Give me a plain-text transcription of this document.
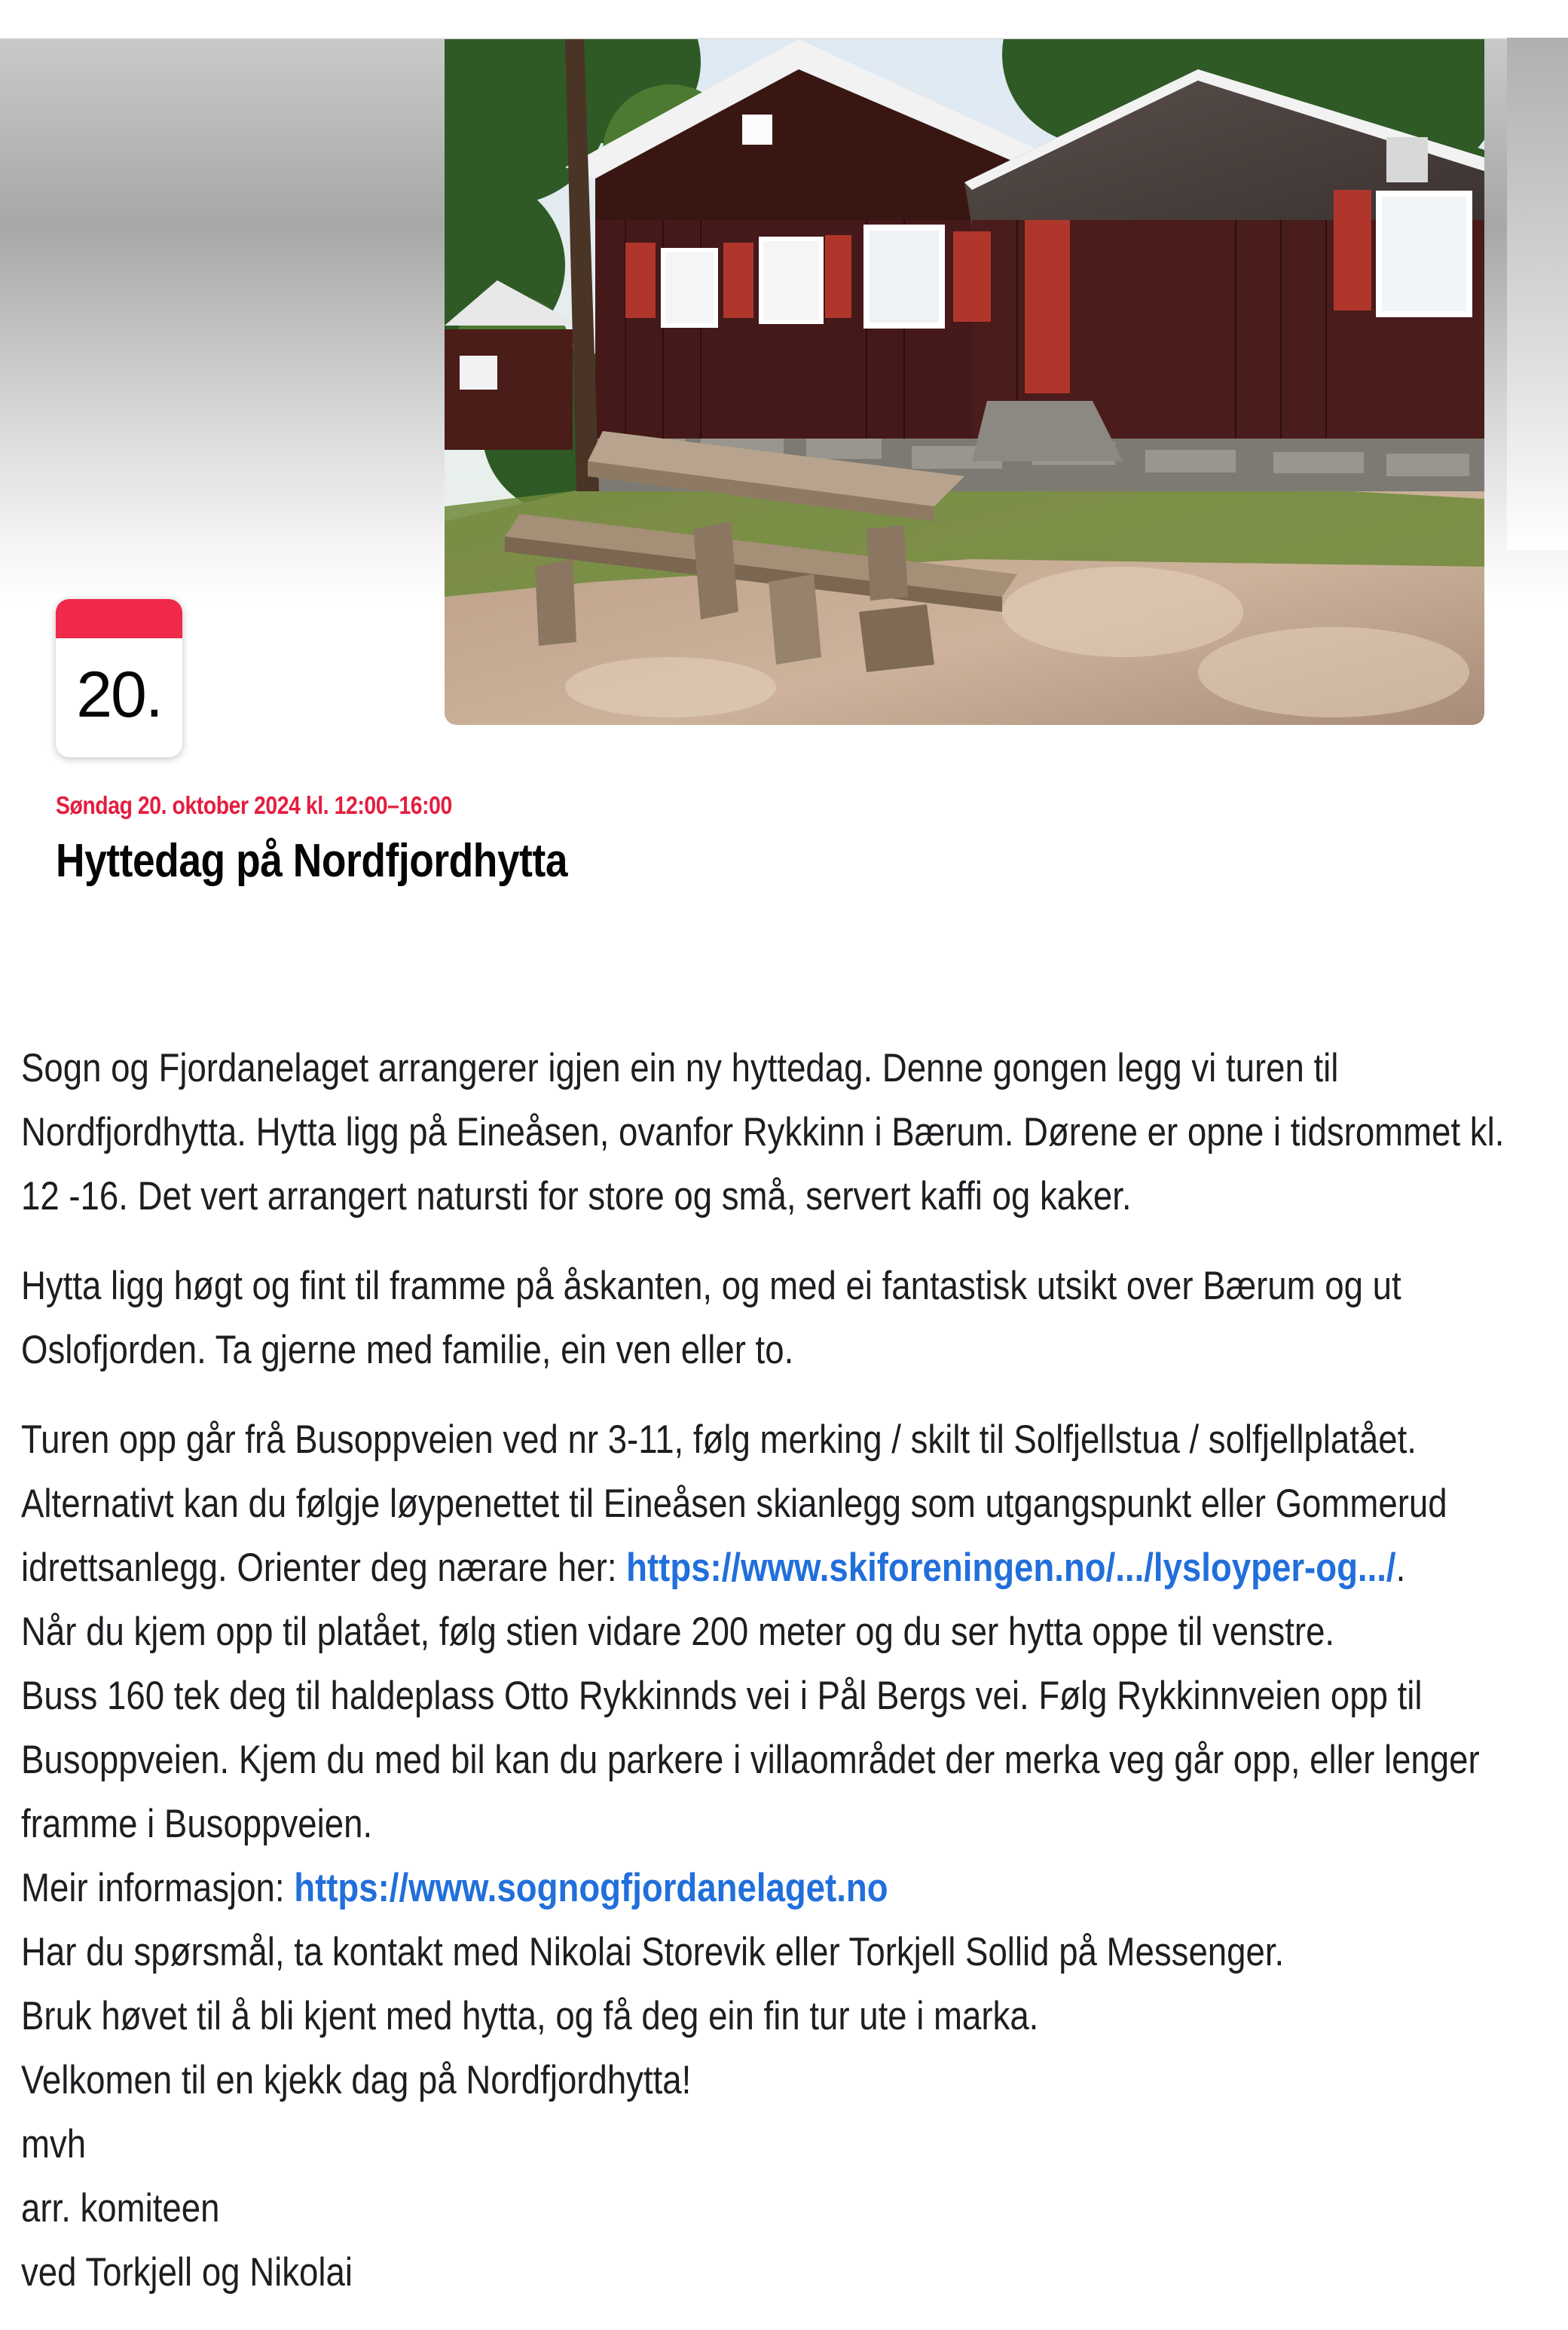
20.
Søndag 20. oktober 2024 kl. 12:00–16:00
Hyttedag på Nordfjordhytta

Sogn og Fjordanelaget arrangerer igjen ein ny hyttedag. Denne gongen legg vi turen til
Nordfjordhytta. Hytta ligg på Eineåsen, ovanfor Rykkinn i Bærum. Dørene er opne i tidsrommet kl.
12 -16. Det vert arrangert natursti for store og små, servert kaffi og kaker.

Hytta ligg høgt og fint til framme på åskanten, og med ei fantastisk utsikt over Bærum og ut
Oslofjorden. Ta gjerne med familie, ein ven eller to.

Turen opp går frå Busoppveien ved nr 3-11, følg merking / skilt til Solfjellstua / solfjellplatået.
Alternativt kan du følgje løypenettet til Eineåsen skianlegg som utgangspunkt eller Gommerud
idrettsanlegg. Orienter deg nærare her: https://www.skiforeningen.no/.../lysloyper-og.../.
Når du kjem opp til platået, følg stien vidare 200 meter og du ser hytta oppe til venstre.
Buss 160 tek deg til haldeplass Otto Rykkinnds vei i Pål Bergs vei. Følg Rykkinnveien opp til
Busoppveien. Kjem du med bil kan du parkere i villaområdet der merka veg går opp, eller lenger
framme i Busoppveien.
Meir informasjon: https://www.sognogfjordanelaget.no
Har du spørsmål, ta kontakt med Nikolai Storevik eller Torkjell Sollid på Messenger.
Bruk høvet til å bli kjent med hytta, og få deg ein fin tur ute i marka.
Velkomen til en kjekk dag på Nordfjordhytta!
mvh
arr. komiteen
ved Torkjell og Nikolai
